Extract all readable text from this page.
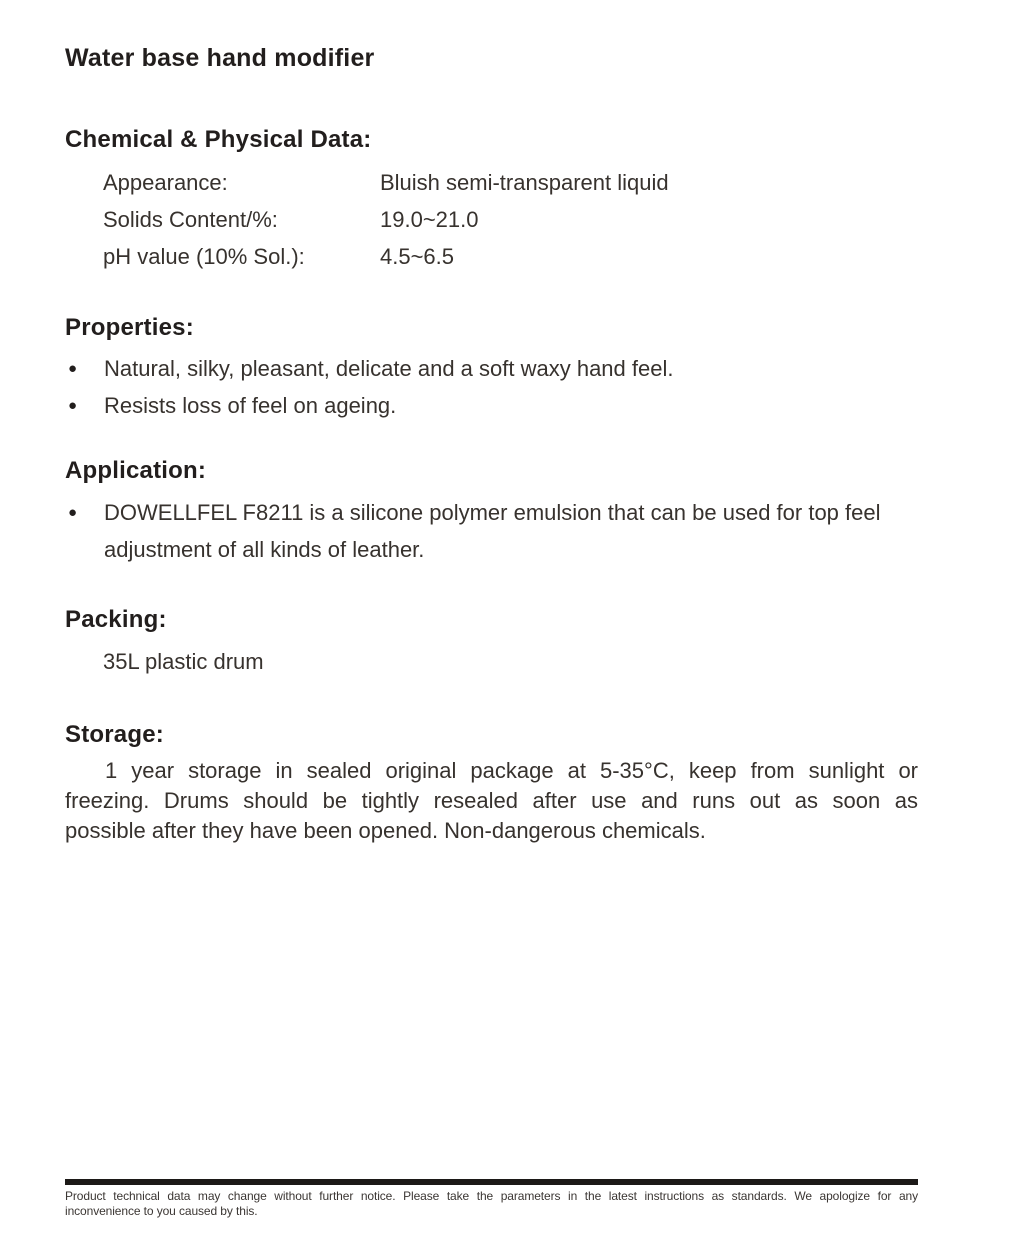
Water base hand modifier
Chemical & Physical Data:
Appearance:	Bluish semi-transparent liquid
Solids Content/%:	19.0~21.0
pH value (10% Sol.):	4.5~6.5
Properties:
● Natural, silky, pleasant, delicate and a soft waxy hand feel.
● Resists loss of feel on ageing.
Application:
● DOWELLFEL F8211 is a silicone polymer emulsion that can be used for top feel
adjustment of all kinds of leather.
Packing:
35L plastic drum
Storage:
1 year storage in sealed original package at 5-35°C, keep from sunlight or
freezing. Drums should be tightly resealed after use and runs out as soon as
possible after they have been opened. Non-dangerous chemicals.
Product technical data may change without further notice. Please take the parameters in the latest instructions as standards. We apologize for any
inconvenience to you caused by this.
